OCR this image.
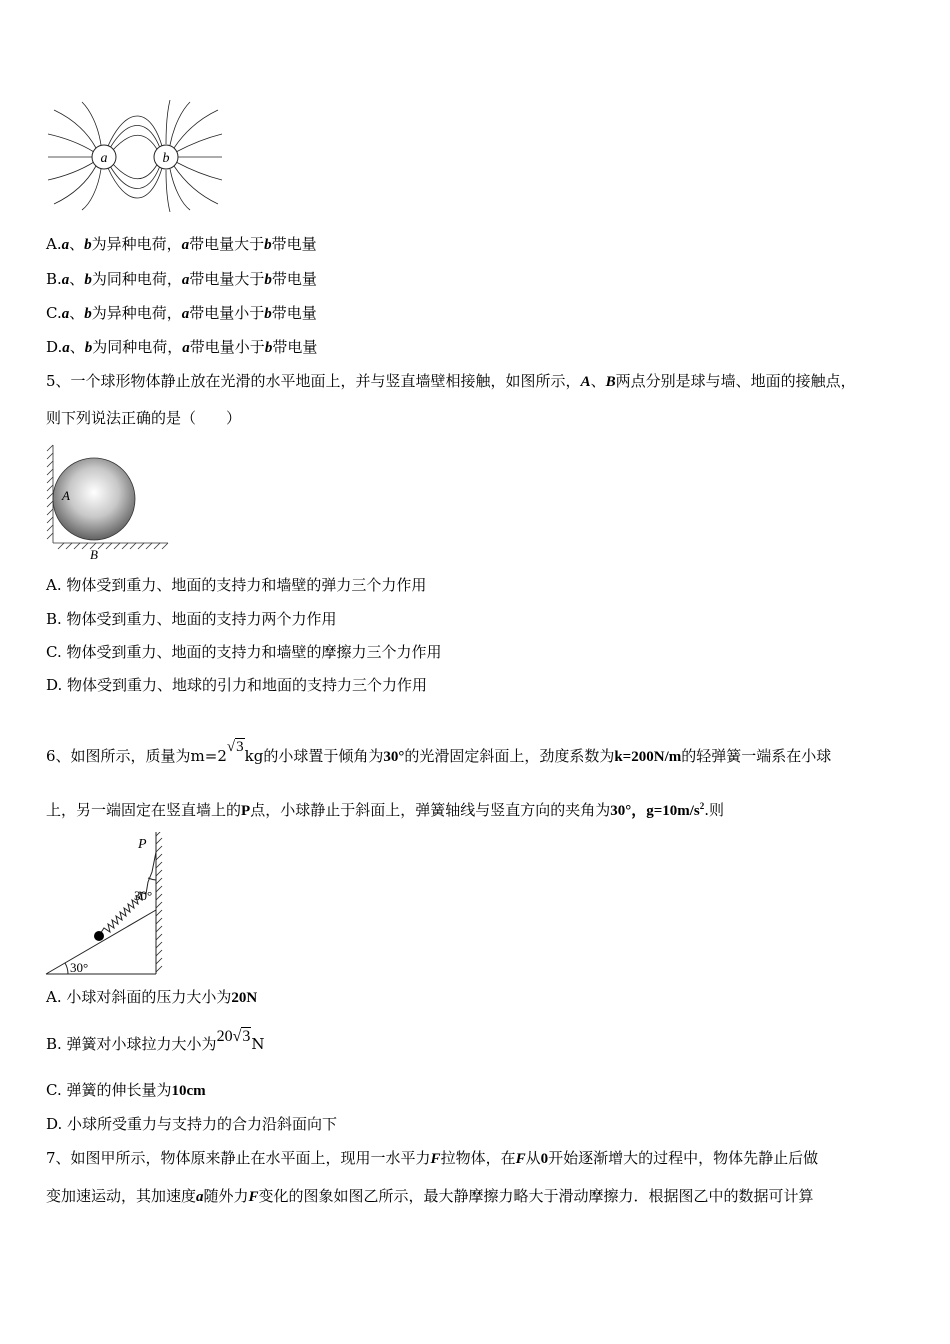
a	b
A.a、b为异种电荷，a带电量大于b带电量
B.a、b为同种电荷，a带电量大于b带电量
C.a、b为异种电荷，a带电量小于b带电量
D.a、b为同种电荷，a带电量小于b带电量
5、一个球形物体静止放在光滑的水平地面上，并与竖直墙壁相接触，如图所示，A、B两点分别是球与墙、地面的接触点，
则下列说法正确的是（　　）
A
B
A. 物体受到重力、地面的支持力和墙壁的弹力三个力作用
B. 物体受到重力、地面的支持力两个力作用
C. 物体受到重力、地面的支持力和墙壁的摩擦力三个力作用
D. 物体受到重力、地球的引力和地面的支持力三个力作用
6、如图所示，质量为m=2√3kg的小球置于倾角为30°的光滑固定斜面上，劲度系数为k=200N/m的轻弹簧一端系在小球
上，另一端固定在竖直墙上的P点，小球静止于斜面上，弹簧轴线与竖直方向的夹角为30°，$g=10m/s^2$.则
P
30°
30°
A. 小球对斜面的压力大小为20N
B. 弹簧对小球拉力大小为20√3N
C. 弹簧的伸长量为10cm
D. 小球所受重力与支持力的合力沿斜面向下
7、如图甲所示，物体原来静止在水平面上，现用一水平力F拉物体，在F从0开始逐渐增大的过程中，物体先静止后做
变加速运动，其加速度a随外力F变化的图象如图乙所示，最大静摩擦力略大于滑动摩擦力．根据图乙中的数据可计算
